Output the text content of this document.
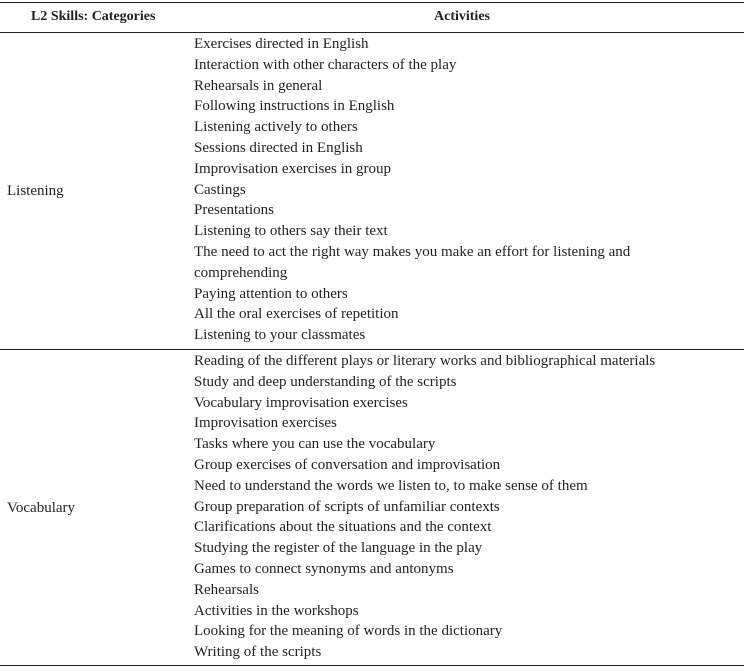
L2 Skills: Categories	Activities
Listening
Exercises directed in English
Interaction with other characters of the play
Rehearsals in general
Following instructions in English
Listening actively to others
Sessions directed in English
Improvisation exercises in group
Castings
Presentations
Listening to others say their text
The need to act the right way makes you make an effort for listening and comprehending
Paying attention to others
All the oral exercises of repetition
Listening to your classmates
Vocabulary
Reading of the different plays or literary works and bibliographical materials
Study and deep understanding of the scripts
Vocabulary improvisation exercises
Improvisation exercises
Tasks where you can use the vocabulary
Group exercises of conversation and improvisation
Need to understand the words we listen to, to make sense of them
Group preparation of scripts of unfamiliar contexts
Clarifications about the situations and the context
Studying the register of the language in the play
Games to connect synonyms and antonyms
Rehearsals
Activities in the workshops
Looking for the meaning of words in the dictionary
Writing of the scripts
